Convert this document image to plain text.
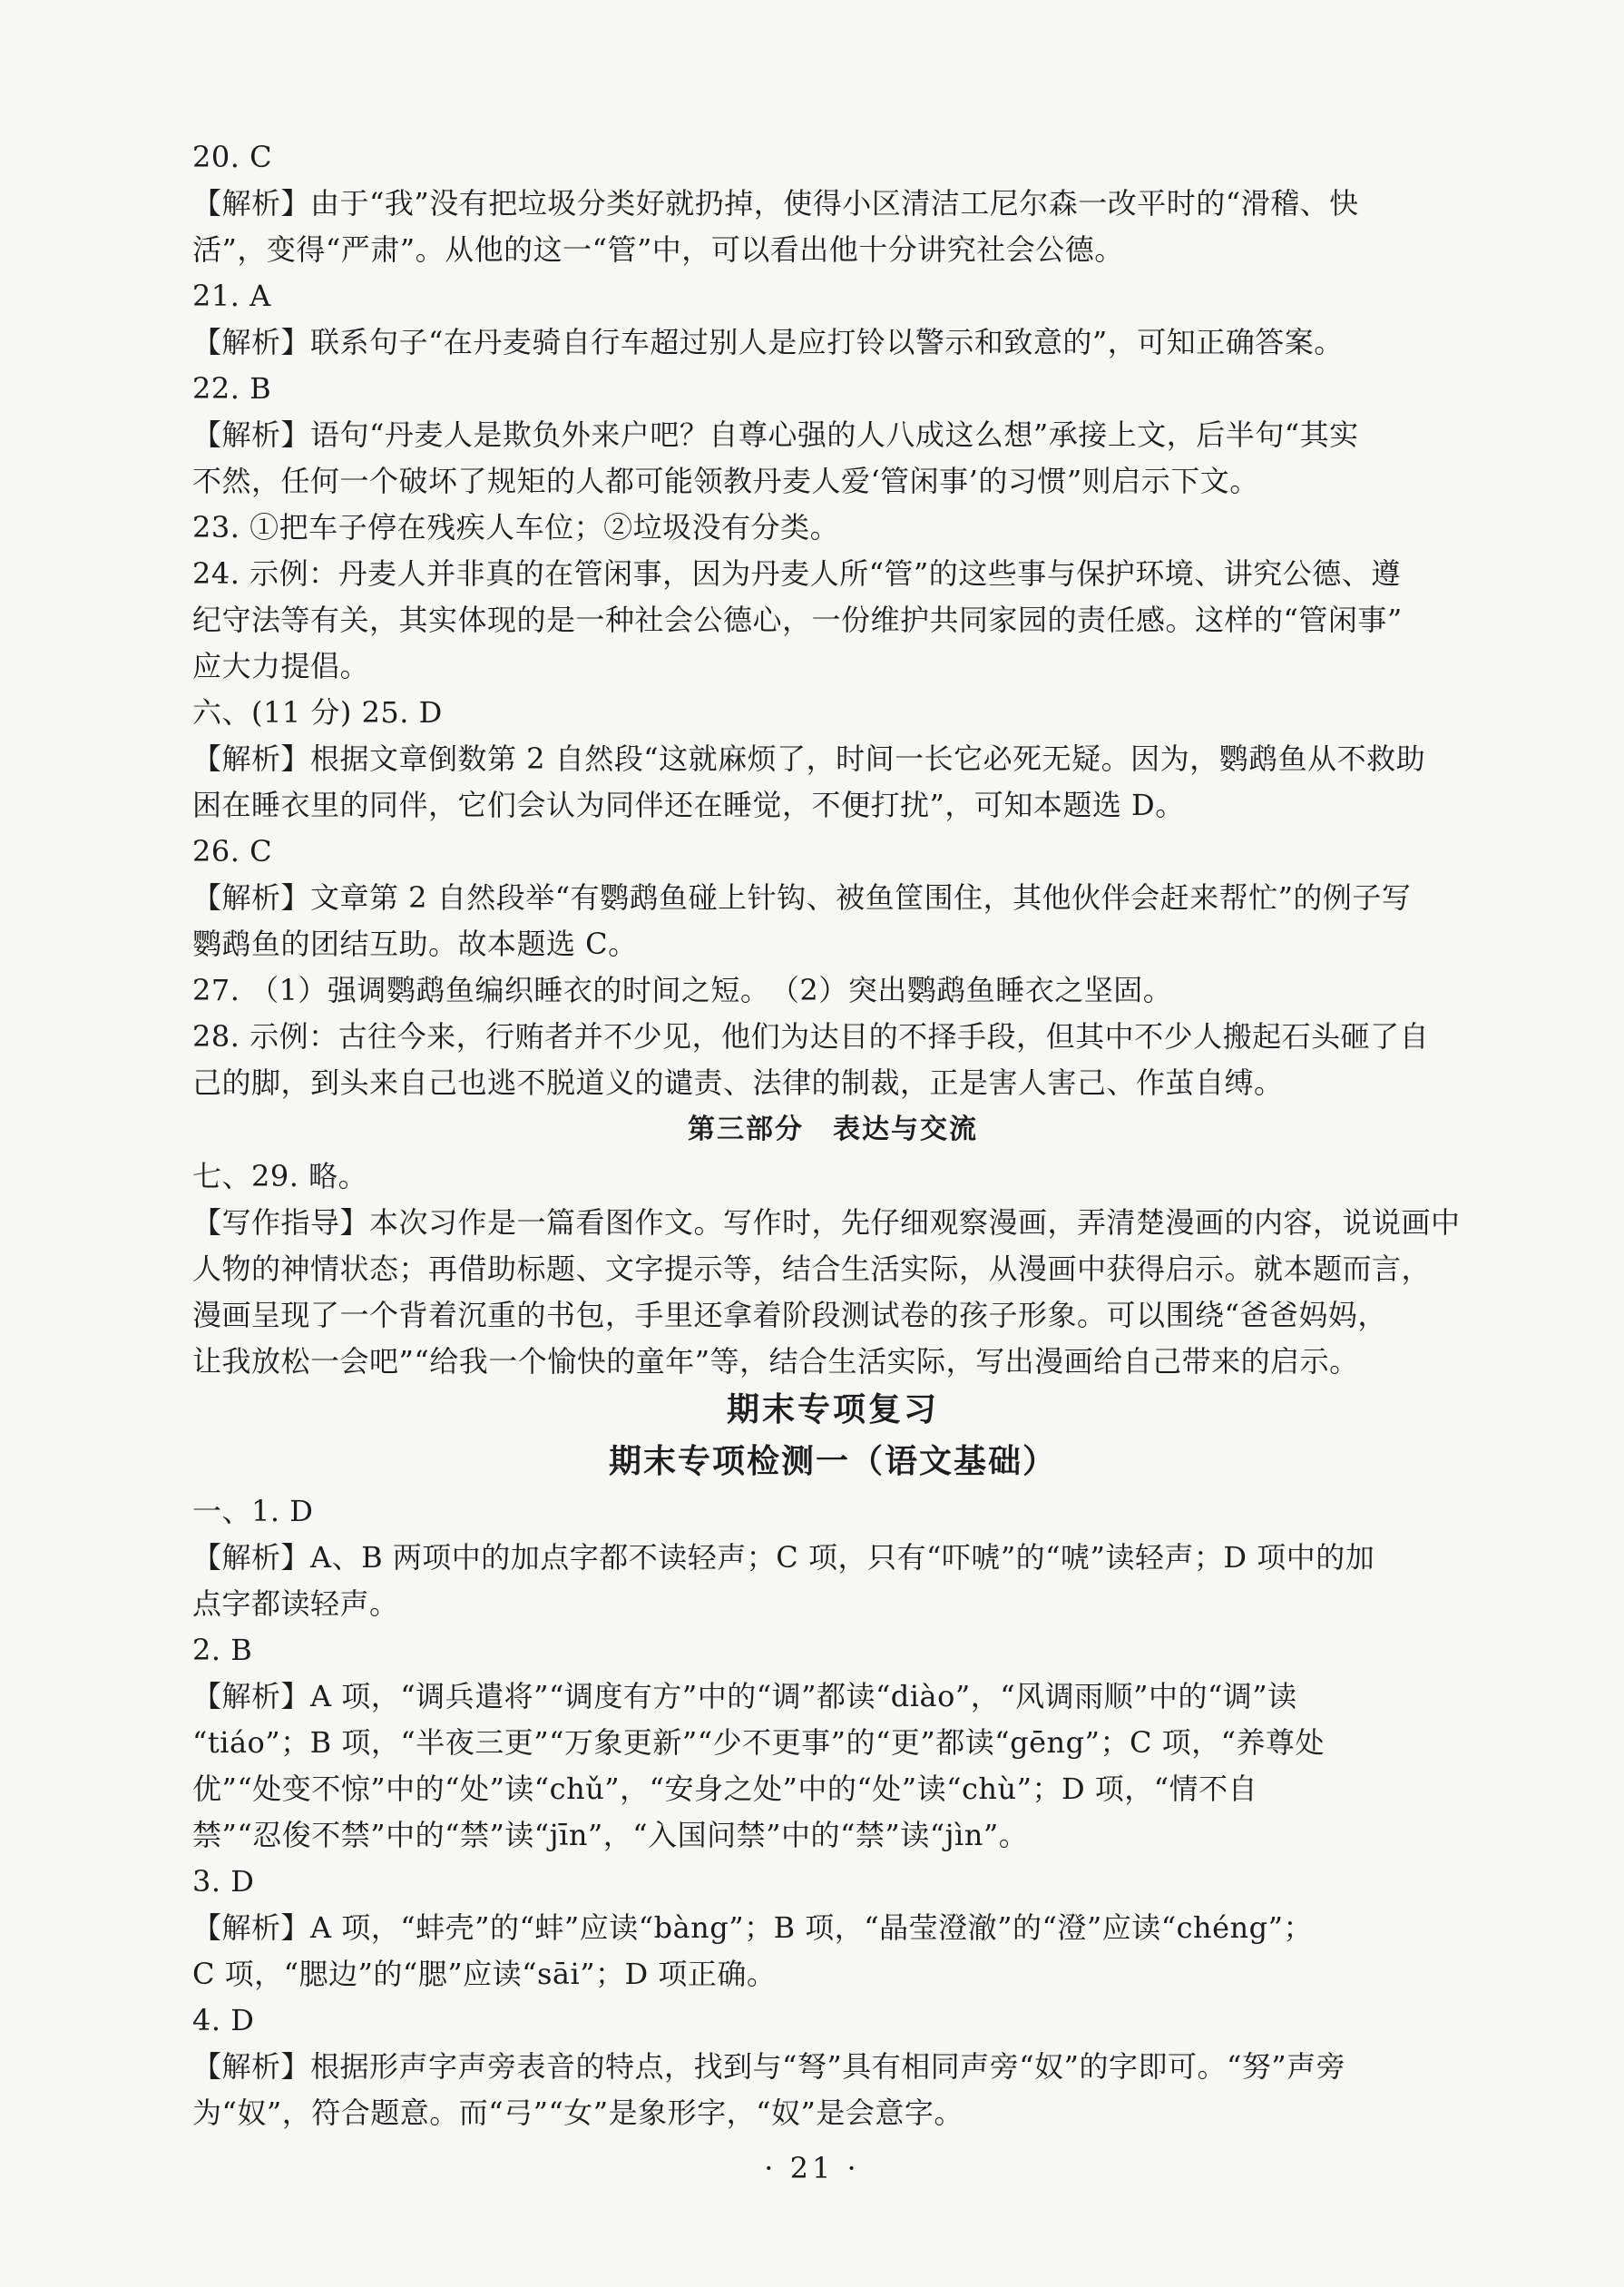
20. C
【解析】由于“我”没有把垃圾分类好就扔掉，使得小区清洁工尼尔森一改平时的“滑稽、快
活”，变得“严肃”。从他的这一“管”中，可以看出他十分讲究社会公德。
21. A
【解析】联系句子“在丹麦骑自行车超过别人是应打铃以警示和致意的”，可知正确答案。
22. B
【解析】语句“丹麦人是欺负外来户吧？自尊心强的人八成这么想”承接上文，后半句“其实
不然，任何一个破坏了规矩的人都可能领教丹麦人爱‘管闲事’的习惯”则启示下文。
23. ①把车子停在残疾人车位；②垃圾没有分类。
24. 示例：丹麦人并非真的在管闲事，因为丹麦人所“管”的这些事与保护环境、讲究公德、遵
纪守法等有关，其实体现的是一种社会公德心，一份维护共同家园的责任感。这样的“管闲事”
应大力提倡。
六、(11 分) 25. D
【解析】根据文章倒数第 2 自然段“这就麻烦了，时间一长它必死无疑。因为，鹦鹉鱼从不救助
困在睡衣里的同伴，它们会认为同伴还在睡觉，不便打扰”，可知本题选 D。
26. C
【解析】文章第 2 自然段举“有鹦鹉鱼碰上针钩、被鱼筐围住，其他伙伴会赶来帮忙”的例子写
鹦鹉鱼的团结互助。故本题选 C。
27. （1）强调鹦鹉鱼编织睡衣的时间之短。　（2）突出鹦鹉鱼睡衣之坚固。
28. 示例：古往今来，行贿者并不少见，他们为达目的不择手段，但其中不少人搬起石头砸了自
己的脚，到头来自己也逃不脱道义的谴责、法律的制裁，正是害人害己、作茧自缚。
第三部分　表达与交流
七、29. 略。
【写作指导】本次习作是一篇看图作文。写作时，先仔细观察漫画，弄清楚漫画的内容，说说画中
人物的神情状态；再借助标题、文字提示等，结合生活实际，从漫画中获得启示。就本题而言，
漫画呈现了一个背着沉重的书包，手里还拿着阶段测试卷的孩子形象。可以围绕“爸爸妈妈，
让我放松一会吧”“给我一个愉快的童年”等，结合生活实际，写出漫画给自己带来的启示。
期末专项复习
期末专项检测一（语文基础）
一、1. D
【解析】A、B 两项中的加点字都不读轻声；C 项，只有“吓唬”的“唬”读轻声；D 项中的加
点字都读轻声。
2. B
【解析】A 项，“调兵遣将”“调度有方”中的“调”都读“diào”，“风调雨顺”中的“调”读
“tiáo”；B 项，“半夜三更”“万象更新”“少不更事”的“更”都读“gēng”；C 项，“养尊处
优”“处变不惊”中的“处”读“chǔ”，“安身之处”中的“处”读“chù”；D 项，“情不自
禁”“忍俊不禁”中的“禁”读“jīn”，“入国问禁”中的“禁”读“jìn”。
3. D
【解析】A 项，“蚌壳”的“蚌”应读“bàng”；B 项，“晶莹澄澈”的“澄”应读“chéng”；
C 项，“腮边”的“腮”应读“sāi”；D 项正确。
4. D
【解析】根据形声字声旁表音的特点，找到与“弩”具有相同声旁“奴”的字即可。“努”声旁
为“奴”，符合题意。而“弓”“女”是象形字，“奴”是会意字。
· 21 ·
